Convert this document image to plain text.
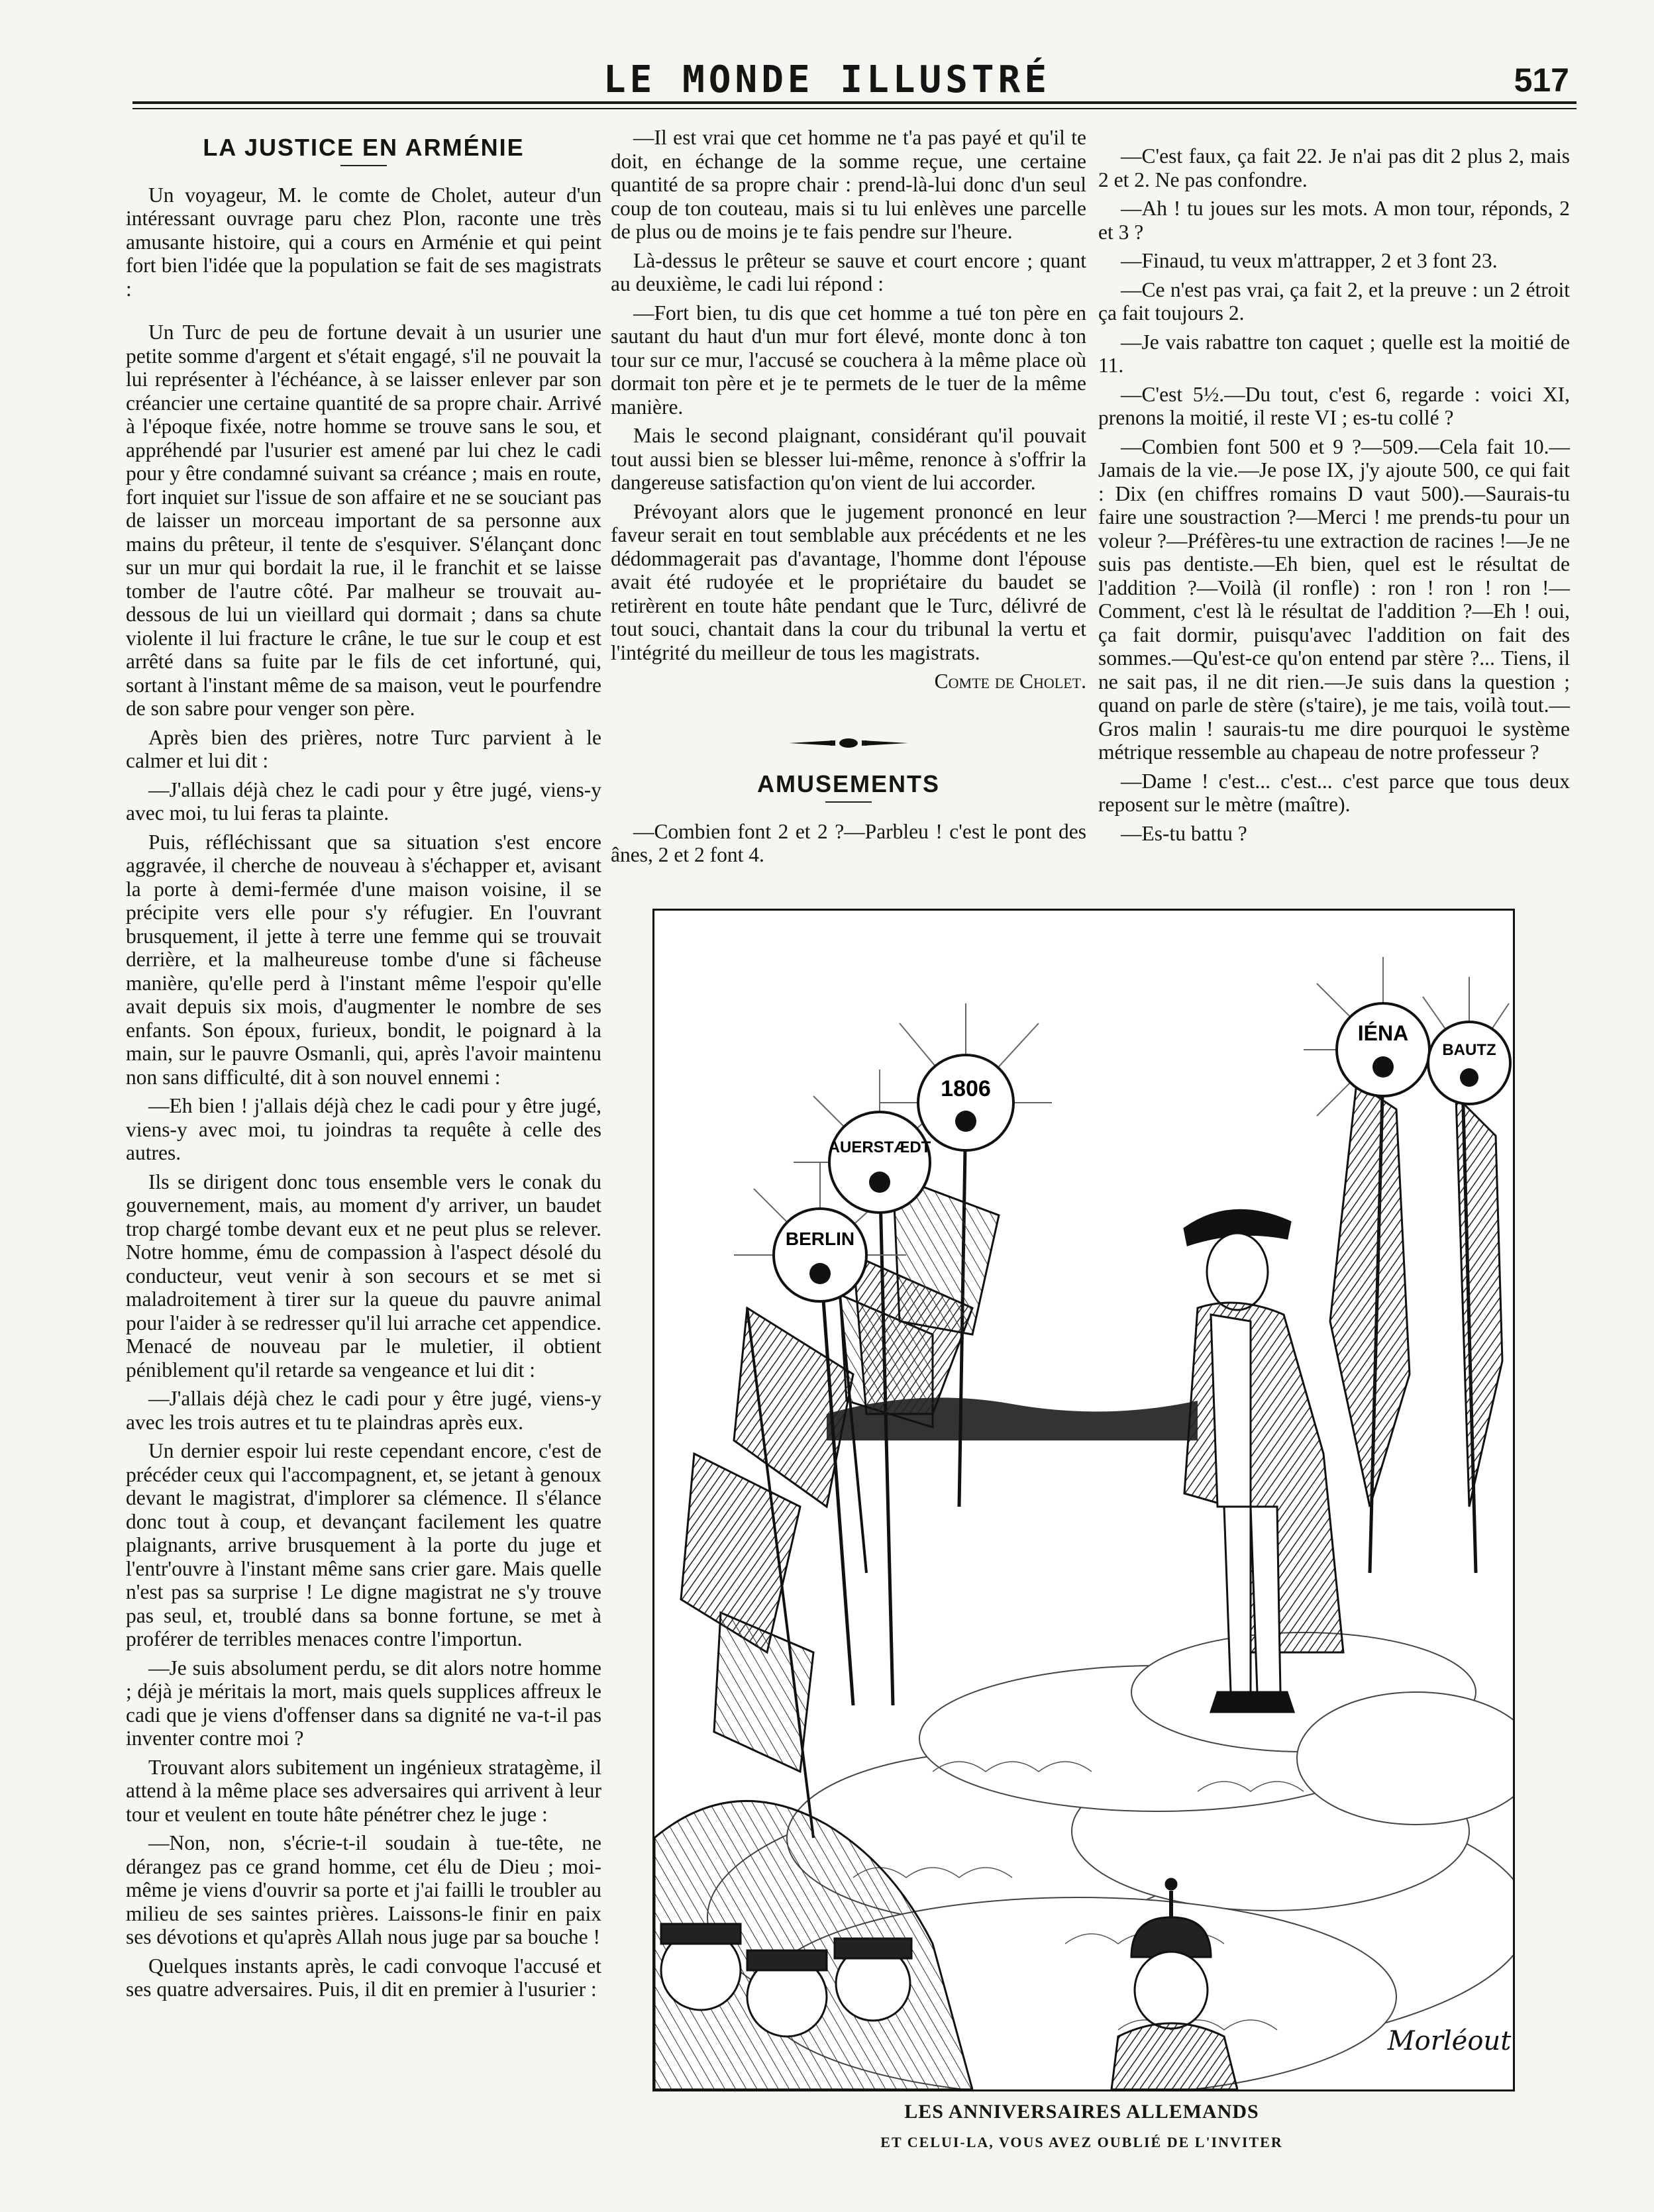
LE MONDE ILLUSTRÉ	517
LA JUSTICE EN ARMÉNIE

Un voyageur, M. le comte de Cholet, auteur d'un intéressant ouvrage paru chez Plon, raconte une très amusante histoire, qui a cours en Arménie et qui peint fort bien l'idée que la population se fait de ses magistrats :

Un Turc de peu de fortune devait à un usurier une petite somme d'argent et s'était engagé, s'il ne pouvait la lui représenter à l'échéance, à se laisser enlever par son créancier une certaine quantité de sa propre chair. Arrivé à l'époque fixée, notre homme se trouve sans le sou, et appréhendé par l'usurier est amené par lui chez le cadi pour y être condamné suivant sa créance ; mais en route, fort inquiet sur l'issue de son affaire et ne se souciant pas de laisser un morceau important de sa personne aux mains du prêteur, il tente de s'esquiver. S'élançant donc sur un mur qui bordait la rue, il le franchit et se laisse tomber de l'autre côté. Par malheur se trouvait au-dessous de lui un vieillard qui dormait ; dans sa chute violente il lui fracture le crâne, le tue sur le coup et est arrêté dans sa fuite par le fils de cet infortuné, qui, sortant à l'instant même de sa maison, veut le pourfendre de son sabre pour venger son père.

Après bien des prières, notre Turc parvient à le calmer et lui dit :

—J'allais déjà chez le cadi pour y être jugé, viens-y avec moi, tu lui feras ta plainte.

Puis, réfléchissant que sa situation s'est encore aggravée, il cherche de nouveau à s'échapper et, avisant la porte à demi-fermée d'une maison voisine, il se précipite vers elle pour s'y réfugier. En l'ouvrant brusquement, il jette à terre une femme qui se trouvait derrière, et la malheureuse tombe d'une si fâcheuse manière, qu'elle perd à l'instant même l'espoir qu'elle avait depuis six mois, d'augmenter le nombre de ses enfants. Son époux, furieux, bondit, le poignard à la main, sur le pauvre Osmanli, qui, après l'avoir maintenu non sans difficulté, dit à son nouvel ennemi :

—Eh bien ! j'allais déjà chez le cadi pour y être jugé, viens-y avec moi, tu joindras ta requête à celle des autres.

Ils se dirigent donc tous ensemble vers le conak du gouvernement, mais, au moment d'y arriver, un baudet trop chargé tombe devant eux et ne peut plus se relever. Notre homme, ému de compassion à l'aspect désolé du conducteur, veut venir à son secours et se met si maladroitement à tirer sur la queue du pauvre animal pour l'aider à se redresser qu'il lui arrache cet appendice. Menacé de nouveau par le muletier, il obtient péniblement qu'il retarde sa vengeance et lui dit :

—J'allais déjà chez le cadi pour y être jugé, viens-y avec les trois autres et tu te plaindras après eux.

Un dernier espoir lui reste cependant encore, c'est de précéder ceux qui l'accompagnent, et, se jetant à genoux devant le magistrat, d'implorer sa clémence. Il s'élance donc tout à coup, et devançant facilement les quatre plaignants, arrive brusquement à la porte du juge et l'entr'ouvre à l'instant même sans crier gare. Mais quelle n'est pas sa surprise ! Le digne magistrat ne s'y trouve pas seul, et, troublé dans sa bonne fortune, se met à proférer de terribles menaces contre l'importun.

—Je suis absolument perdu, se dit alors notre homme ; déjà je méritais la mort, mais quels supplices affreux le cadi que je viens d'offenser dans sa dignité ne va-t-il pas inventer contre moi ?

Trouvant alors subitement un ingénieux stratagème, il attend à la même place ses adversaires qui arrivent à leur tour et veulent en toute hâte pénétrer chez le juge :

—Non, non, s'écrie-t-il soudain à tue-tête, ne dérangez pas ce grand homme, cet élu de Dieu ; moi-même je viens d'ouvrir sa porte et j'ai failli le troubler au milieu de ses saintes prières. Laissons-le finir en paix ses dévotions et qu'après Allah nous juge par sa bouche !

Quelques instants après, le cadi convoque l'accusé et ses quatre adversaires. Puis, il dit en premier à l'usurier :

—Il est vrai que cet homme ne t'a pas payé et qu'il te doit, en échange de la somme reçue, une certaine quantité de sa propre chair : prend-là-lui donc d'un seul coup de ton couteau, mais si tu lui enlèves une parcelle de plus ou de moins je te fais pendre sur l'heure.

Là-dessus le prêteur se sauve et court encore ; quant au deuxième, le cadi lui répond :

—Fort bien, tu dis que cet homme a tué ton père en sautant du haut d'un mur fort élevé, monte donc à ton tour sur ce mur, l'accusé se couchera à la même place où dormait ton père et je te permets de le tuer de la même manière.

Mais le second plaignant, considérant qu'il pouvait tout aussi bien se blesser lui-même, renonce à s'offrir la dangereuse satisfaction qu'on vient de lui accorder.

Prévoyant alors que le jugement prononcé en leur faveur serait en tout semblable aux précédents et ne les dédommagerait pas d'avantage, l'homme dont l'épouse avait été rudoyée et le propriétaire du baudet se retirèrent en toute hâte pendant que le Turc, délivré de tout souci, chantait dans la cour du tribunal la vertu et l'intégrité du meilleur de tous les magistrats.

Comte de Cholet.

AMUSEMENTS

—Combien font 2 et 2 ?—Parbleu ! c'est le pont des ânes, 2 et 2 font 4.

—C'est faux, ça fait 22. Je n'ai pas dit 2 plus 2, mais 2 et 2. Ne pas confondre.

—Ah ! tu joues sur les mots. A mon tour, réponds, 2 et 3 ?

—Finaud, tu veux m'attrapper, 2 et 3 font 23.

—Ce n'est pas vrai, ça fait 2, et la preuve : un 2 étroit ça fait toujours 2.

—Je vais rabattre ton caquet ; quelle est la moitié de 11.

—C'est 5½.—Du tout, c'est 6, regarde : voici XI, prenons la moitié, il reste VI ; es-tu collé ?

—Combien font 500 et 9 ?—509.—Cela fait 10.—Jamais de la vie.—Je pose IX, j'y ajoute 500, ce qui fait : Dix (en chiffres romains D vaut 500).—Saurais-tu faire une soustraction ?—Merci ! me prends-tu pour un voleur ?—Préfères-tu une extraction de racines !—Je ne suis pas dentiste.—Eh bien, quel est le résultat de l'addition ?—Voilà (il ronfle) : ron ! ron ! ron !—Comment, c'est là le résultat de l'addition ?—Eh ! oui, ça fait dormir, puisqu'avec l'addition on fait des sommes.—Qu'est-ce qu'on entend par stère ?... Tiens, il ne sait pas, il ne dit rien.—Je suis dans la question ; quand on parle de stère (s'taire), je me tais, voilà tout.—Gros malin ! saurais-tu me dire pourquoi le système métrique ressemble au chapeau de notre professeur ?

—Dame ! c'est... c'est... c'est parce que tous deux reposent sur le mètre (maître).

—Es-tu battu ?

BERLIN
AUERSTÆDT
1806
IÉNA
BAUTZ
Morléout
LES ANNIVERSAIRES ALLEMANDS
ET CELUI-LA, VOUS AVEZ OUBLIÉ DE L'INVITER
